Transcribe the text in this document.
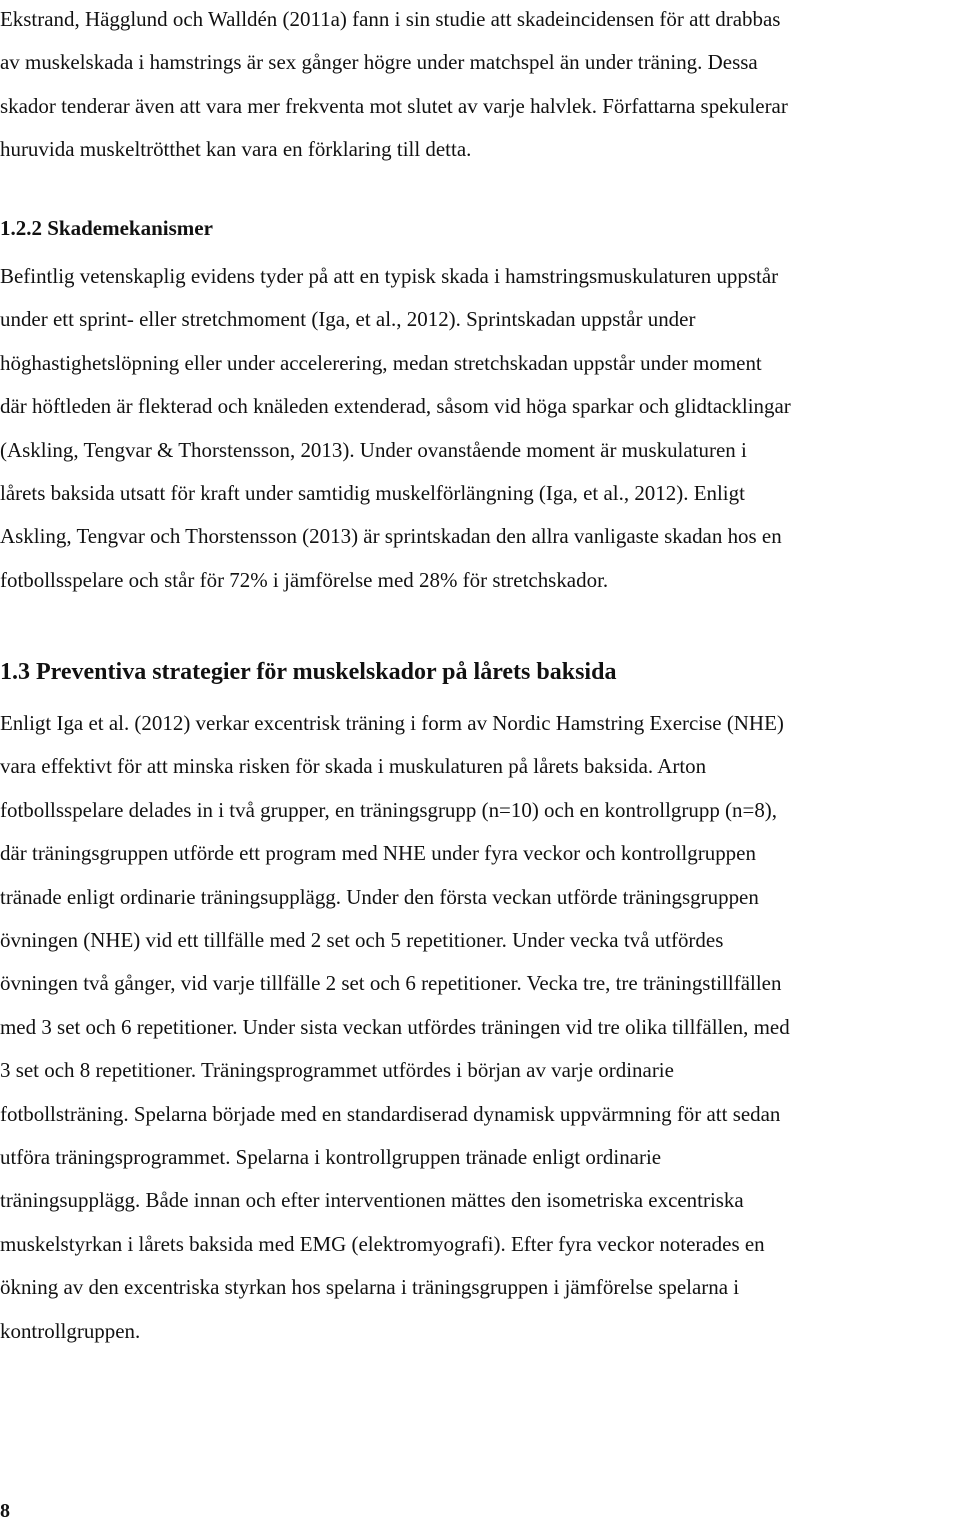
Ekstrand, Hägglund och Walldén (2011a) fann i sin studie att skadeincidensen för att drabbas
av muskelskada i hamstrings är sex gånger högre under matchspel än under träning. Dessa
skador tenderar även att vara mer frekventa mot slutet av varje halvlek. Författarna spekulerar
huruvida muskeltrötthet kan vara en förklaring till detta.

1.2.2 Skademekanismer

Befintlig vetenskaplig evidens tyder på att en typisk skada i hamstringsmuskulaturen uppstår
under ett sprint- eller stretchmoment (Iga, et al., 2012). Sprintskadan uppstår under
höghastighetslöpning eller under accelerering, medan stretchskadan uppstår under moment
där höftleden är flekterad och knäleden extenderad, såsom vid höga sparkar och glidtacklingar
(Askling, Tengvar & Thorstensson, 2013). Under ovanstående moment är muskulaturen i
lårets baksida utsatt för kraft under samtidig muskelförlängning (Iga, et al., 2012). Enligt
Askling, Tengvar och Thorstensson (2013) är sprintskadan den allra vanligaste skadan hos en
fotbollsspelare och står för 72% i jämförelse med 28% för stretchskador.

1.3 Preventiva strategier för muskelskador på lårets baksida

Enligt Iga et al. (2012) verkar excentrisk träning i form av Nordic Hamstring Exercise (NHE)
vara effektivt för att minska risken för skada i muskulaturen på lårets baksida. Arton
fotbollsspelare delades in i två grupper, en träningsgrupp (n=10) och en kontrollgrupp (n=8),
där träningsgruppen utförde ett program med NHE under fyra veckor och kontrollgruppen
tränade enligt ordinarie träningsupplägg. Under den första veckan utförde träningsgruppen
övningen (NHE) vid ett tillfälle med 2 set och 5 repetitioner. Under vecka två utfördes
övningen två gånger, vid varje tillfälle 2 set och 6 repetitioner. Vecka tre, tre träningstillfällen
med 3 set och 6 repetitioner. Under sista veckan utfördes träningen vid tre olika tillfällen, med
3 set och 8 repetitioner. Träningsprogrammet utfördes i början av varje ordinarie
fotbollsträning. Spelarna började med en standardiserad dynamisk uppvärmning för att sedan
utföra träningsprogrammet. Spelarna i kontrollgruppen tränade enligt ordinarie
träningsupplägg. Både innan och efter interventionen mättes den isometriska excentriska
muskelstyrkan i lårets baksida med EMG (elektromyografi). Efter fyra veckor noterades en
ökning av den excentriska styrkan hos spelarna i träningsgruppen i jämförelse spelarna i
kontrollgruppen.

8
